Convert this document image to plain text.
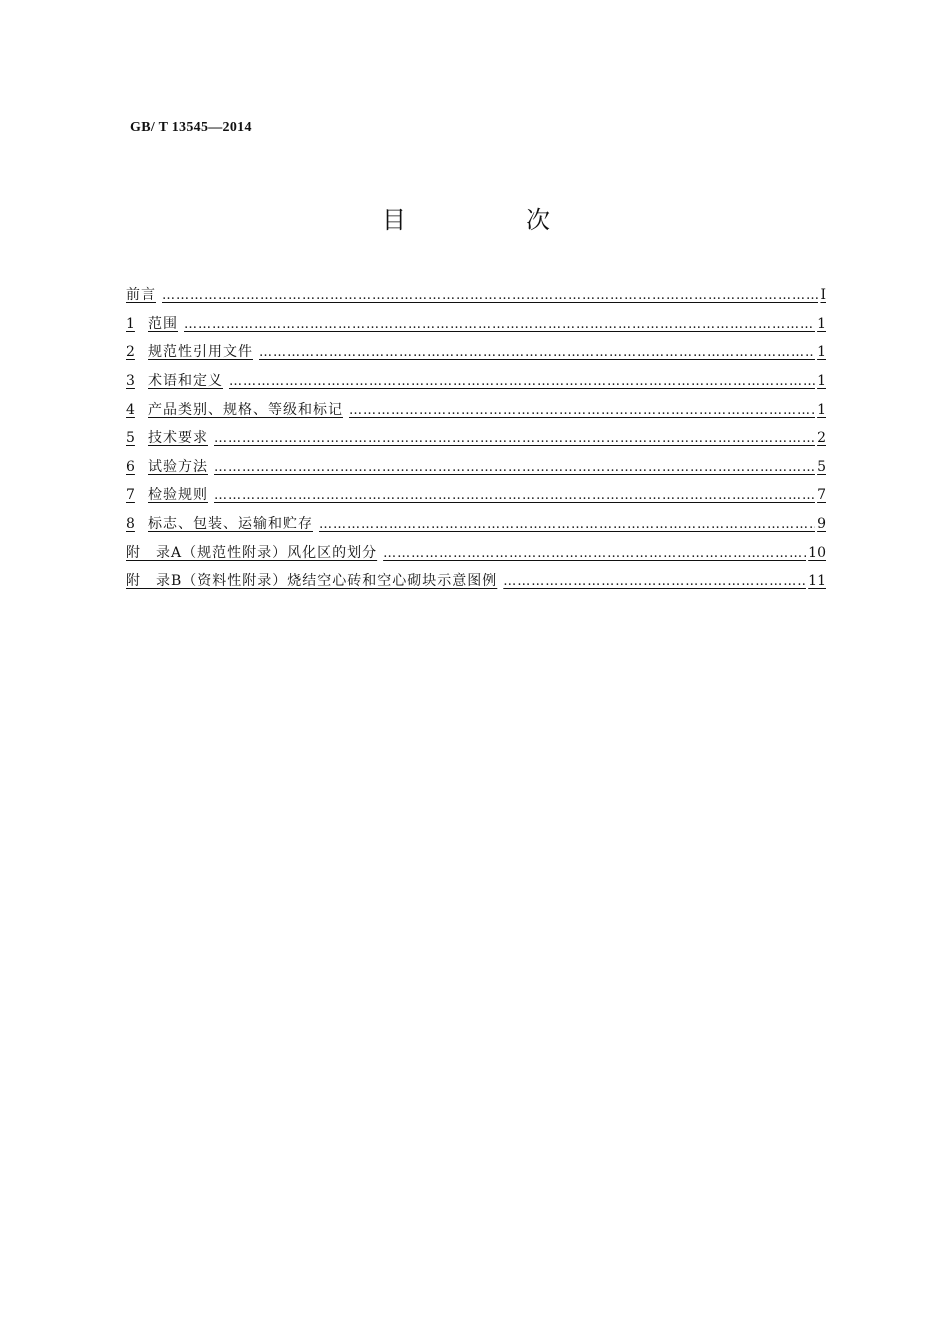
GB/ T 13545—2014
目　次
前言 ………………………………………………………………………………………………………………………………………………………………………	I
1 范围 ………………………………………………………………………………………………………………………………………………………………………	1
2 规范性引用文件 ………………………………………………………………………………………………………………………………………………………………………	1
3 术语和定义 ………………………………………………………………………………………………………………………………………………………………………	1
4 产品类别、规格、等级和标记 ………………………………………………………………………………………………………………………………………………………………………	1
5 技术要求 ………………………………………………………………………………………………………………………………………………………………………	2
6 试验方法 ………………………………………………………………………………………………………………………………………………………………………	5
7 检验规则 ………………………………………………………………………………………………………………………………………………………………………	7
8 标志、包装、运输和贮存 ………………………………………………………………………………………………………………………………………………………………………	9
附　录A（规范性附录）风化区的划分 ………………………………………………………………………………………………………………………………………………………………………	10
附　录B（资料性附录）烧结空心砖和空心砌块示意图例 ………………………………………………………………………………………………………………………………………………………………………	11
